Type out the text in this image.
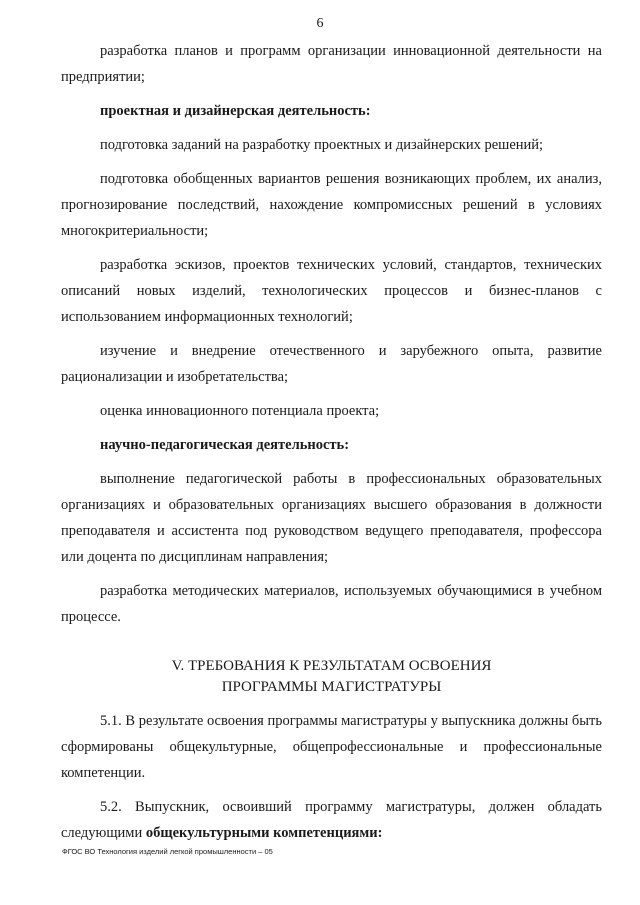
6

разработка планов и программ организации инновационной деятельности на предприятии;

проектная и дизайнерская деятельность:

подготовка заданий на разработку проектных и дизайнерских решений;

подготовка обобщенных вариантов решения возникающих проблем, их анализ, прогнозирование последствий, нахождение компромиссных решений в условиях многокритериальности;

разработка эскизов, проектов технических условий, стандартов, технических описаний новых изделий, технологических процессов и бизнес-планов с использованием информационных технологий;

изучение и внедрение отечественного и зарубежного опыта, развитие рационализации и изобретательства;

оценка инновационного потенциала проекта;

научно-педагогическая деятельность:

выполнение педагогической работы в профессиональных образовательных организациях и образовательных организациях высшего образования в должности преподавателя и ассистента под руководством ведущего преподавателя, профессора или доцента по дисциплинам направления;

разработка методических материалов, используемых обучающимися в учебном процессе.

V. ТРЕБОВАНИЯ К РЕЗУЛЬТАТАМ ОСВОЕНИЯ
ПРОГРАММЫ МАГИСТРАТУРЫ

5.1. В результате освоения программы магистратуры у выпускника должны быть сформированы общекультурные, общепрофессиональные и профессиональные компетенции.

5.2. Выпускник, освоивший программу магистратуры, должен обладать следующими общекультурными компетенциями:

ФГОС ВО Технология изделий легкой промышленности – 05
